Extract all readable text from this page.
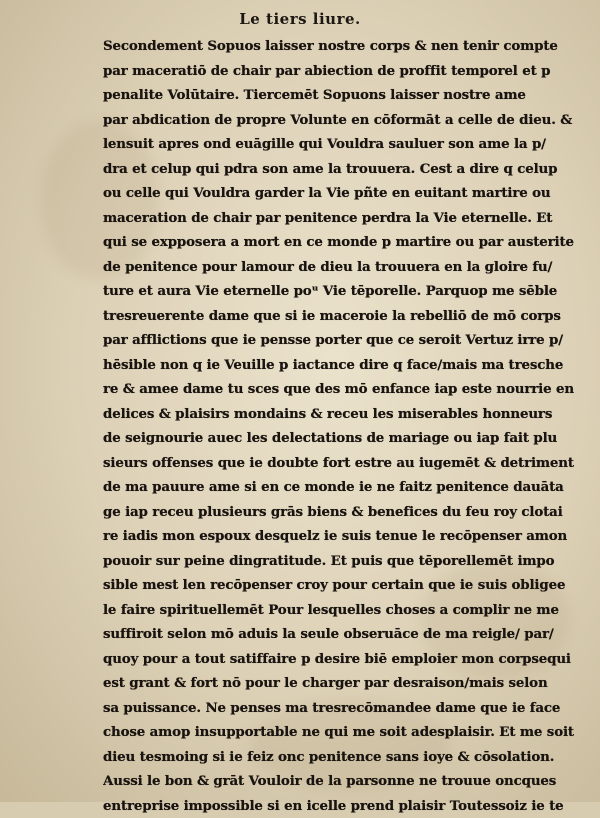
Le tiers liure.
Secondement Sopuos laisser nostre corps & nen tenir compte
par maceratiō de chair par abiection de proffit temporel et p
penalite Volūtaire. Tiercemēt Sopuons laisser nostre ame
par abdication de propre Volunte en cōformāt a celle de dieu. &
lensuit apres ond euāgille qui Vouldra sauluer son ame la p/
dra et celup qui pdra son ame la trouuera. Cest a dire q celup
ou celle qui Vouldra garder la Vie pñte en euitant martire ou
maceration de chair par penitence perdra la Vie eternelle. Et
qui se expposera a mort en ce monde p martire ou par austerite
de penitence pour lamour de dieu la trouuera en la gloire fu/
ture et aura Vie eternelle poᵘ Vie tēporelle. Parquop me sēble
tresreuerente dame que si ie maceroie la rebelliō de mō corps
par afflictions que ie pensse porter que ce seroit Vertuz irre p/
hēsible non q ie Veuille p iactance dire q face/mais ma tresche
re & amee dame tu sces que des mō enfance iap este nourrie en
delices & plaisirs mondains & receu les miserables honneurs
de seignourie auec les delectations de mariage ou iap fait plu
sieurs offenses que ie doubte fort estre au iugemēt & detriment
de ma pauure ame si en ce monde ie ne faitz penitence dauāta
ge iap receu plusieurs grās biens & benefices du feu roy clotai
re iadis mon espoux desquelz ie suis tenue le recōpenser amon
pouoir sur peine dingratitude. Et puis que tēporellemēt impo
sible mest len recōpenser croy pour certain que ie suis obligee
le faire spirituellemēt Pour lesquelles choses a complir ne me
suffiroit selon mō aduis la seule obseruāce de ma reigle/ par/
quoy pour a tout satiffaire p desire biē emploier mon corpsequi
est grant & fort nō pour le charger par desraison/mais selon
sa puissance. Ne penses ma tresrecōmandee dame que ie face
chose amop insupportable ne qui me soit adesplaisir. Et me soit
dieu tesmoing si ie feiz onc penitence sans ioye & cōsolation.
Aussi le bon & grāt Vouloir de la parsonne ne trouue oncques
entreprise impossible si en icelle prend plaisir Toutessoiz ie te
